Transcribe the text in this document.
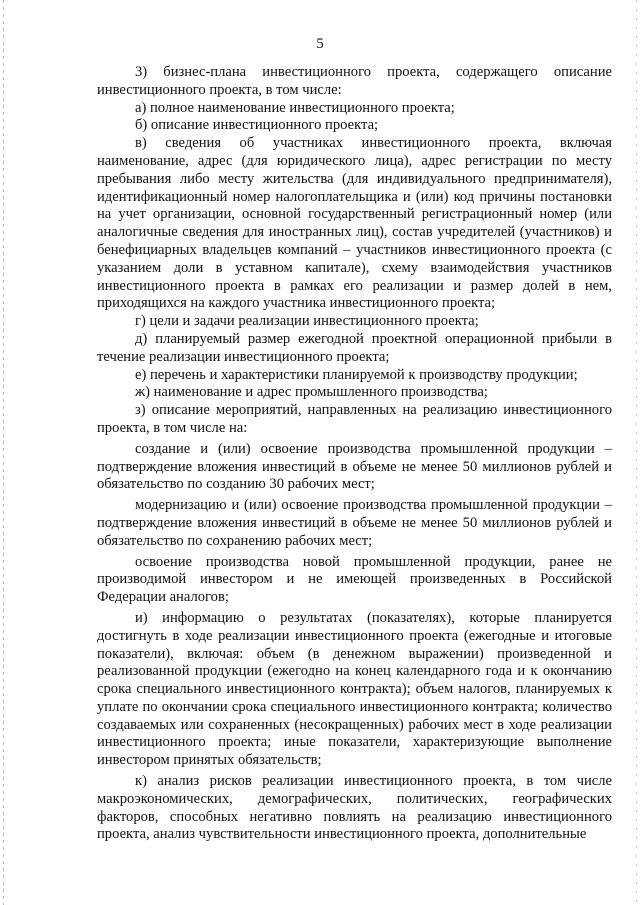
5

3) бизнес-плана инвестиционного проекта, содержащего описание инвестиционного проекта, в том числе:

а) полное наименование инвестиционного проекта;

б) описание инвестиционного проекта;

в) сведения об участниках инвестиционного проекта, включая наименование, адрес (для юридического лица), адрес регистрации по месту пребывания либо месту жительства (для индивидуального предпринимателя), идентификационный номер налогоплательщика и (или) код причины постановки на учет организации, основной государственный регистрационный номер (или аналогичные сведения для иностранных лиц), состав учредителей (участников) и бенефициарных владельцев компаний – участников инвестиционного проекта (с указанием доли в уставном капитале), схему взаимодействия участников инвестиционного проекта в рамках его реализации и размер долей в нем, приходящихся на каждого участника инвестиционного проекта;

г) цели и задачи реализации инвестиционного проекта;

д) планируемый размер ежегодной проектной операционной прибыли в течение реализации инвестиционного проекта;

е) перечень и характеристики планируемой к производству продукции;

ж) наименование и адрес промышленного производства;

з) описание мероприятий, направленных на реализацию инвестиционного проекта, в том числе на:

создание и (или) освоение производства промышленной продукции – подтверждение вложения инвестиций в объеме не менее 50 миллионов рублей и обязательство по созданию 30 рабочих мест;

модернизацию и (или) освоение производства промышленной продукции – подтверждение вложения инвестиций в объеме не менее 50 миллионов рублей и обязательство по сохранению рабочих мест;

освоение производства новой промышленной продукции, ранее не производимой инвестором и не имеющей произведенных в Российской Федерации аналогов;

и) информацию о результатах (показателях), которые планируется достигнуть в ходе реализации инвестиционного проекта (ежегодные и итоговые показатели), включая: объем (в денежном выражении) произведенной и реализованной продукции (ежегодно на конец календарного года и к окончанию срока специального инвестиционного контракта); объем налогов, планируемых к уплате по окончании срока специального инвестиционного контракта; количество создаваемых или сохраненных (несокращенных) рабочих мест в ходе реализации инвестиционного проекта; иные показатели, характеризующие выполнение инвестором принятых обязательств;

к) анализ рисков реализации инвестиционного проекта, в том числе макроэкономических, демографических, политических, географических факторов, способных негативно повлиять на реализацию инвестиционного проекта, анализ чувствительности инвестиционного проекта, дополнительные
